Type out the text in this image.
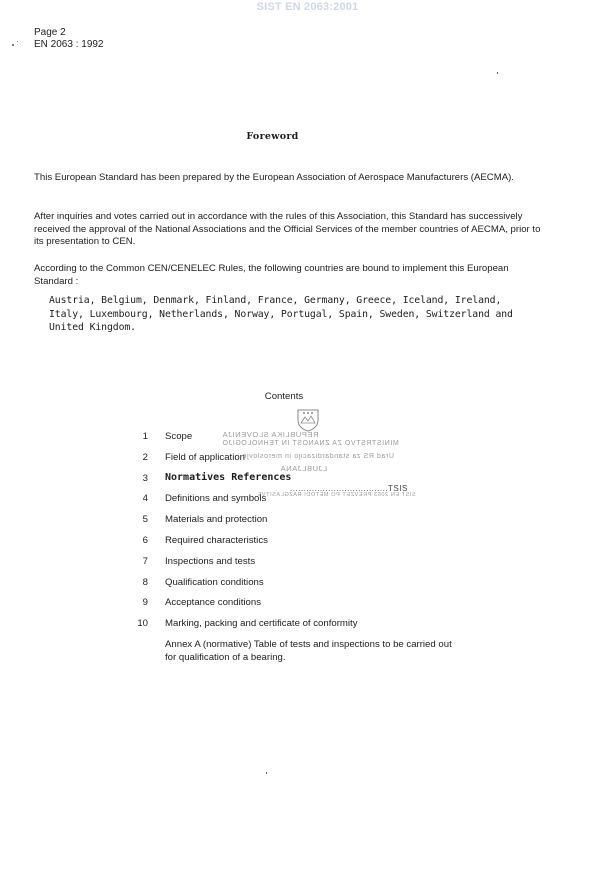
SIST EN 2063:2001
Page 2
EN 2063 : 1992
Foreword

This European Standard has been prepared by the European Association of Aerospace Manufacturers (AECMA).

After inquiries and votes carried out in accordance with the rules of this Association, this Standard has successively received the approval of the National Associations and the Official Services of the member countries of AECMA, prior to its presentation to CEN.

According to the Common CEN/CENELEC Rules, the following countries are bound to implement this European Standard :

Austria, Belgium, Denmark, Finland, France, Germany, Greece, Iceland, Ireland, Italy, Luxembourg, Netherlands, Norway, Portugal, Spain, Sweden, Switzerland and United Kingdom.
Contents
REPUBLIKA SLOVENIJA
MINISTRSTVO ZA ZNANOST IN TEHNOLOGIJO
Urad RS za standardizacijo in meroslovje
LJUBLJANA
SIST EN 2063 PREVZET PO METODI RAZGLASITVE
1 Scope
2 Field of application
3 Normatives References
4 Definitions and symbols
5 Materials and protection
6 Required characteristics
7 Inspections and tests
8 Qualification conditions
9 Acceptance conditions
10 Marking, packing and certificate of conformity
....................................TSIS
Annex A (normative) Table of tests and inspections to be carried out for qualification of a bearing.
